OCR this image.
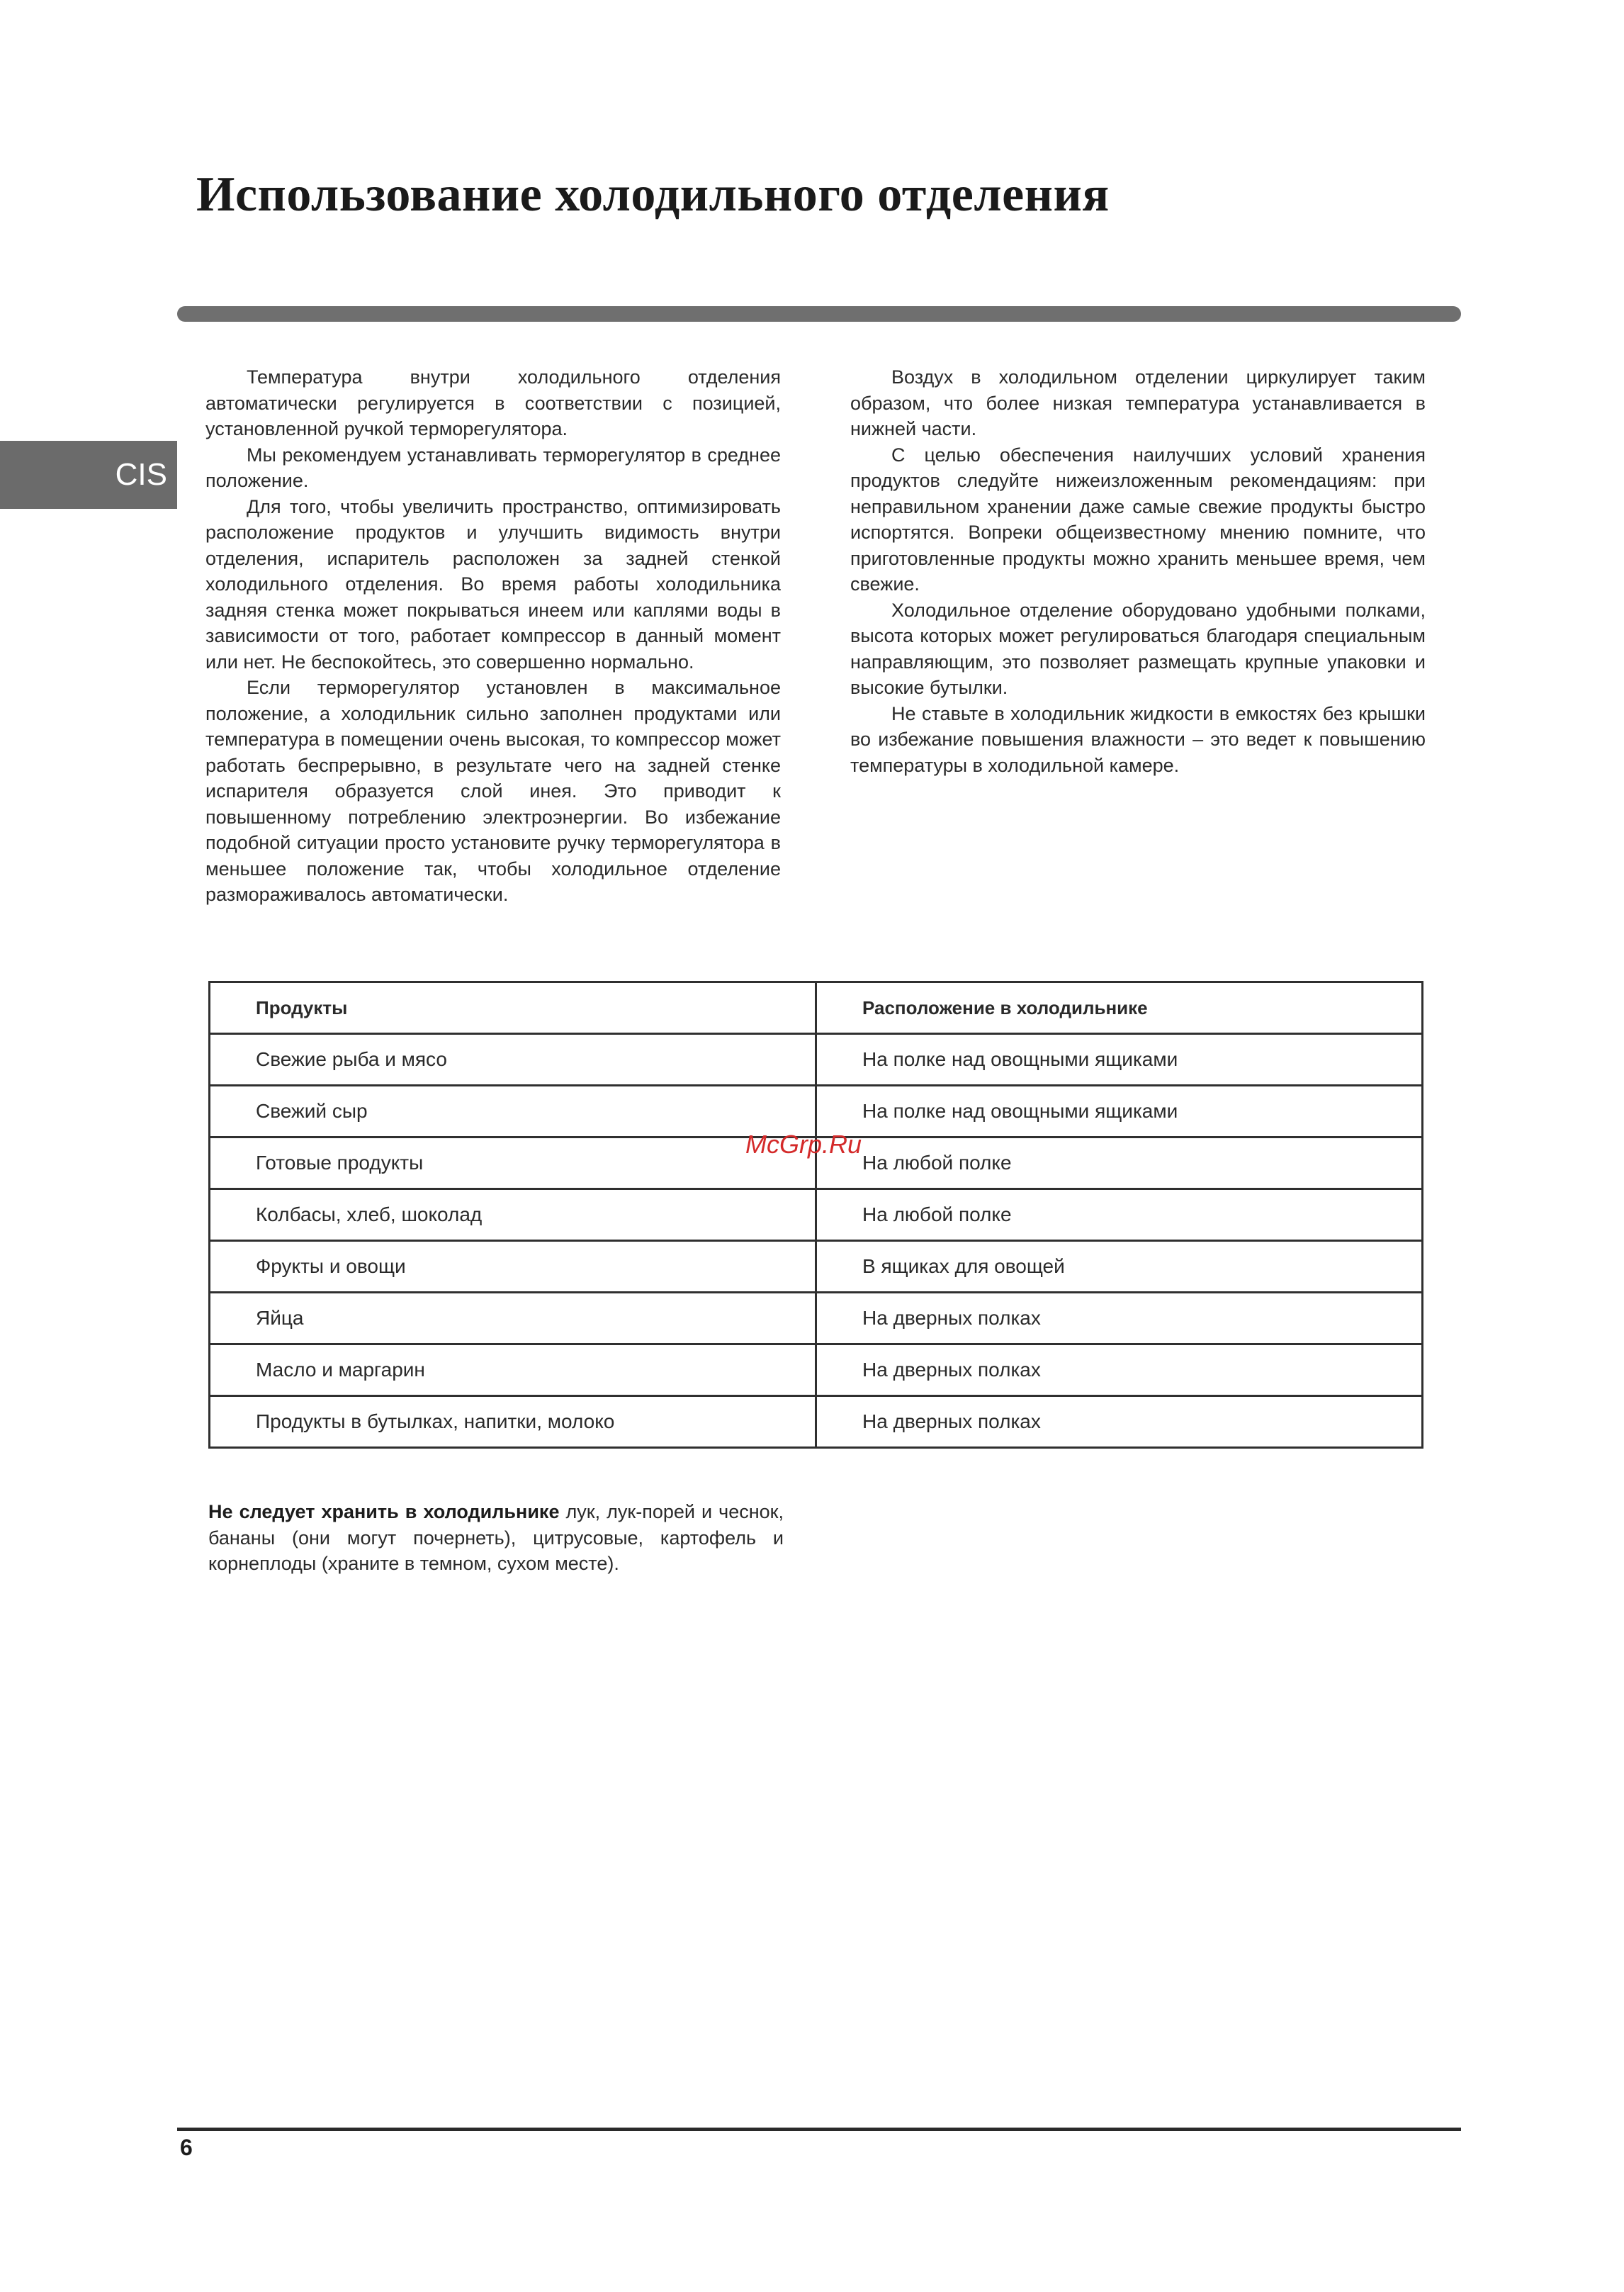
Использование холодильного отделения
CIS

Температура внутри холодильного отделения автоматически регулируется в соответствии с позицией, установленной ручкой терморегулятора.

Мы рекомендуем устанавливать терморегулятор в среднее положение.

Для того, чтобы увеличить пространство, оптимизировать расположение продуктов и улучшить видимость внутри отделения, испаритель расположен за задней стенкой холодильного отделения. Во время работы холодильника задняя стенка может покрываться инеем или каплями воды в зависимости от того, работает компрессор в данный момент или нет. Не беспокойтесь, это совершенно нормально.

Если терморегулятор установлен в максимальное положение, а холодильник сильно заполнен продуктами или температура в помещении очень высокая, то компрессор может работать беспрерывно, в результате чего на задней стенке испарителя образуется слой инея. Это приводит к повышенному потреблению электроэнергии. Во избежание подобной ситуации просто установите ручку терморегулятора в меньшее положение так, чтобы холодильное отделение размораживалось автоматически.

Воздух в холодильном отделении циркулирует таким образом, что более низкая температура устанавливается в нижней части.

С целью обеспечения наилучших условий хранения продуктов следуйте нижеизложенным рекомендациям: при неправильном хранении даже самые свежие продукты быстро испортятся. Вопреки общеизвестному мнению помните, что приготовленные продукты можно хранить меньшее время, чем свежие.

Холодильное отделение оборудовано удобными полками, высота которых может регулироваться благодаря специальным направляющим, это позволяет размещать крупные упаковки и высокие бутылки.

Не ставьте в холодильник жидкости в емкостях без крышки во избежание повышения влажности – это ведет к повышению температуры в холодильной камере.

Продукты	Расположение в холодильнике
Свежие рыба и мясо	На полке над овощными ящиками
Свежий сыр	На полке над овощными ящиками
Готовые продукты	На любой полке
Колбасы, хлеб, шоколад	На любой полке
Фрукты и овощи	В ящиках для овощей
Яйца	На дверных полках
Масло и маргарин	На дверных полках
Продукты в бутылках, напитки, молоко	На дверных полках

Не следует хранить в холодильнике лук, лук-порей и чеснок, бананы (они могут почернеть), цитрусовые, картофель и корнеплоды (храните в темном, сухом месте).

McGrp.Ru
6
